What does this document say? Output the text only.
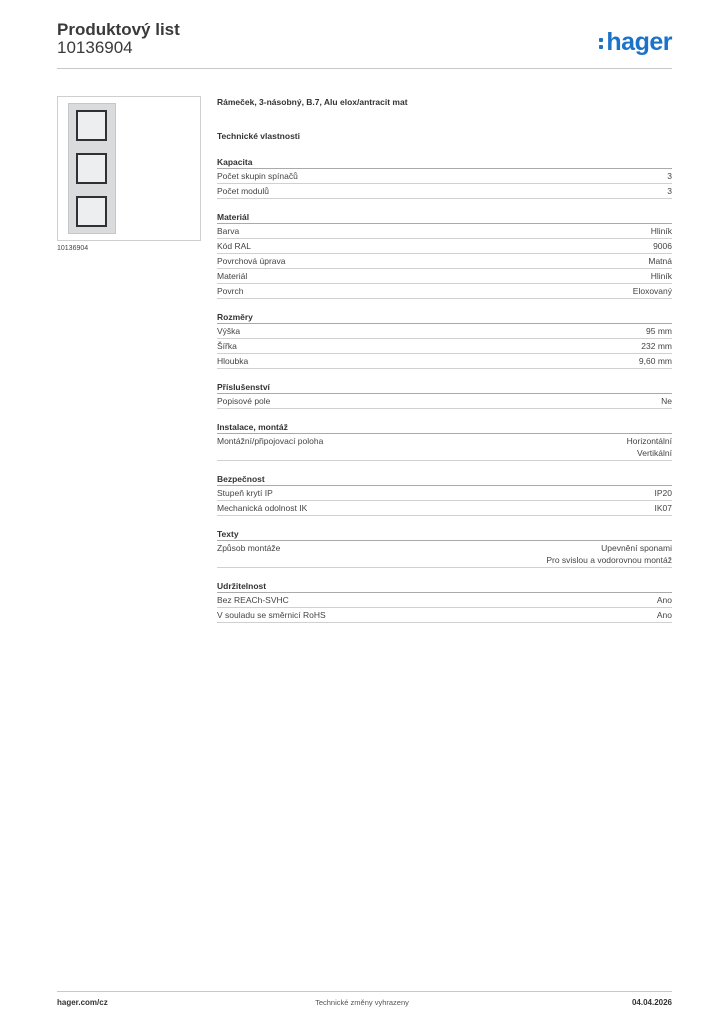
Produktový list
10136904	hager
10136904
Rámeček, 3-násobný, B.7, Alu elox/antracit mat
Technické vlastnosti
Kapacita
Počet skupin spínačů	3
Počet modulů	3
Materiál
Barva	Hliník
Kód RAL	9006
Povrchová úprava	Matná
Materiál	Hliník
Povrch	Eloxovaný
Rozměry
Výška	95 mm
Šířka	232 mm
Hloubka	9,60 mm
Příslušenství
Popisové pole	Ne
Instalace, montáž
Montážní/připojovací poloha	Horizontální
Vertikální
Bezpečnost
Stupeň krytí IP	IP20
Mechanická odolnost IK	IK07
Texty
Způsob montáže	Upevnění sponami
Pro svislou a vodorovnou montáž
Udržitelnost
Bez REACh-SVHC	Ano
V souladu se směrnicí RoHS	Ano
hager.com/cz	Technické změny vyhrazeny	04.04.2026
